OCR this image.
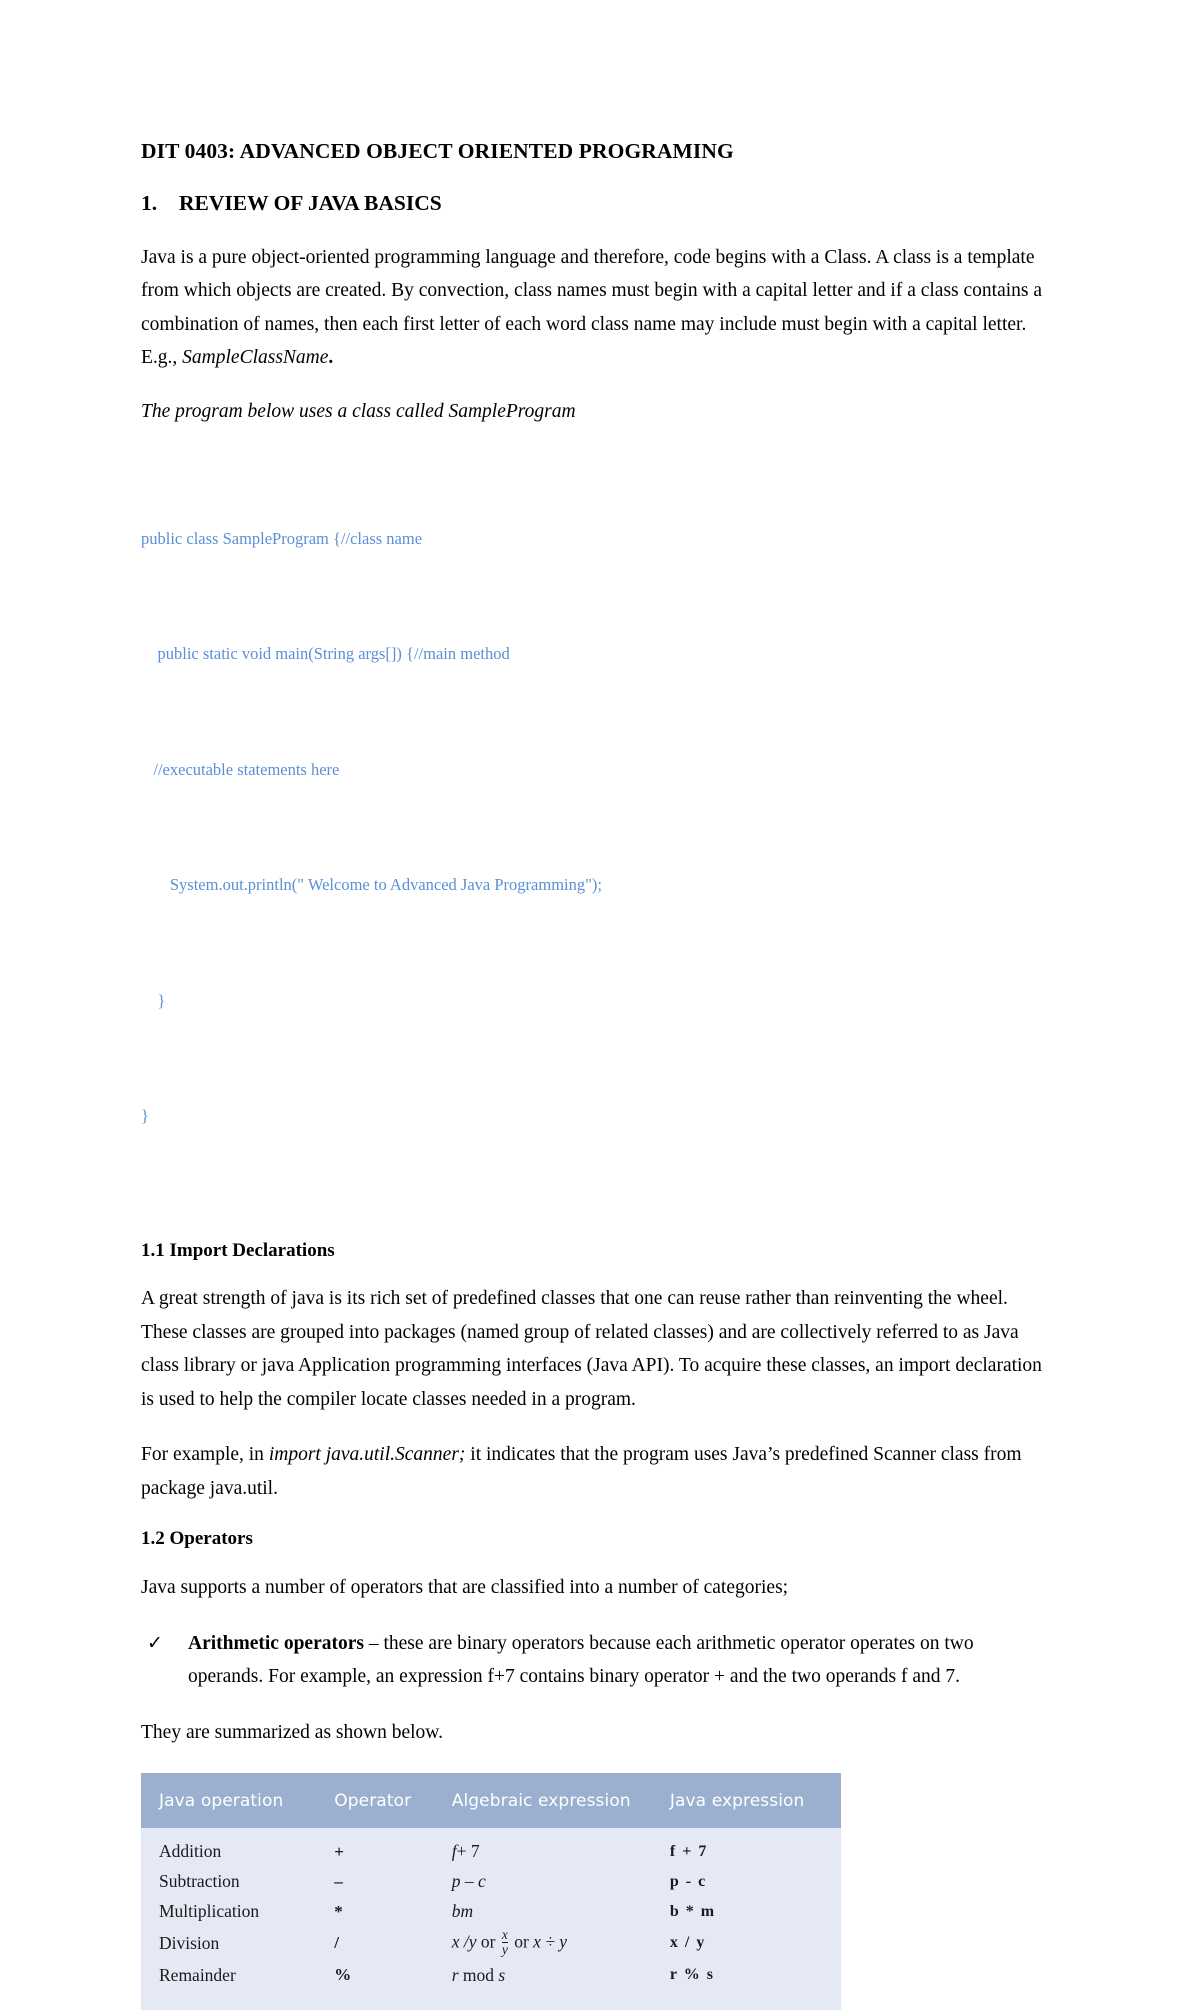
DIT 0403: ADVANCED OBJECT ORIENTED PROGRAMING
1.	REVIEW OF JAVA BASICS

Java is a pure object-oriented programming language and therefore, code begins with a Class. A class is a template from which objects are created. By convection, class names must begin with a capital letter and if a class contains a combination of names, then each first letter of each word class name may include must begin with a capital letter. E.g., SampleClassName.

The program below uses a class called SampleProgram

public class SampleProgram {//class name

public static void main(String args[]) {//main method

//executable statements here

System.out.println(" Welcome to Advanced Java Programming");

}

}

1.1 Import Declarations

A great strength of java is its rich set of predefined classes that one can reuse rather than reinventing the wheel. These classes are grouped into packages (named group of related classes) and are collectively referred to as Java class library or java Application programming interfaces (Java API). To acquire these classes, an import declaration is used to help the compiler locate classes needed in a program.

For example, in import java.util.Scanner; it indicates that the program uses Java’s predefined Scanner class from package java.util.

1.2 Operators

Java supports a number of operators that are classified into a number of categories;

✓ Arithmetic operators – these are binary operators because each arithmetic operator operates on two operands. For example, an expression f+7 contains binary operator + and the two operands f and 7.

They are summarized as shown below.

Java operation	Operator	Algebraic expression	Java expression
Addition	+	f+ 7	f + 7
Subtraction	–	p – c	p - c
Multiplication	*	bm	b * m
Division	/	x /y or $\frac{x}{y}$ or x ÷ y	x / y
Remainder	%	r mod s	r % s
